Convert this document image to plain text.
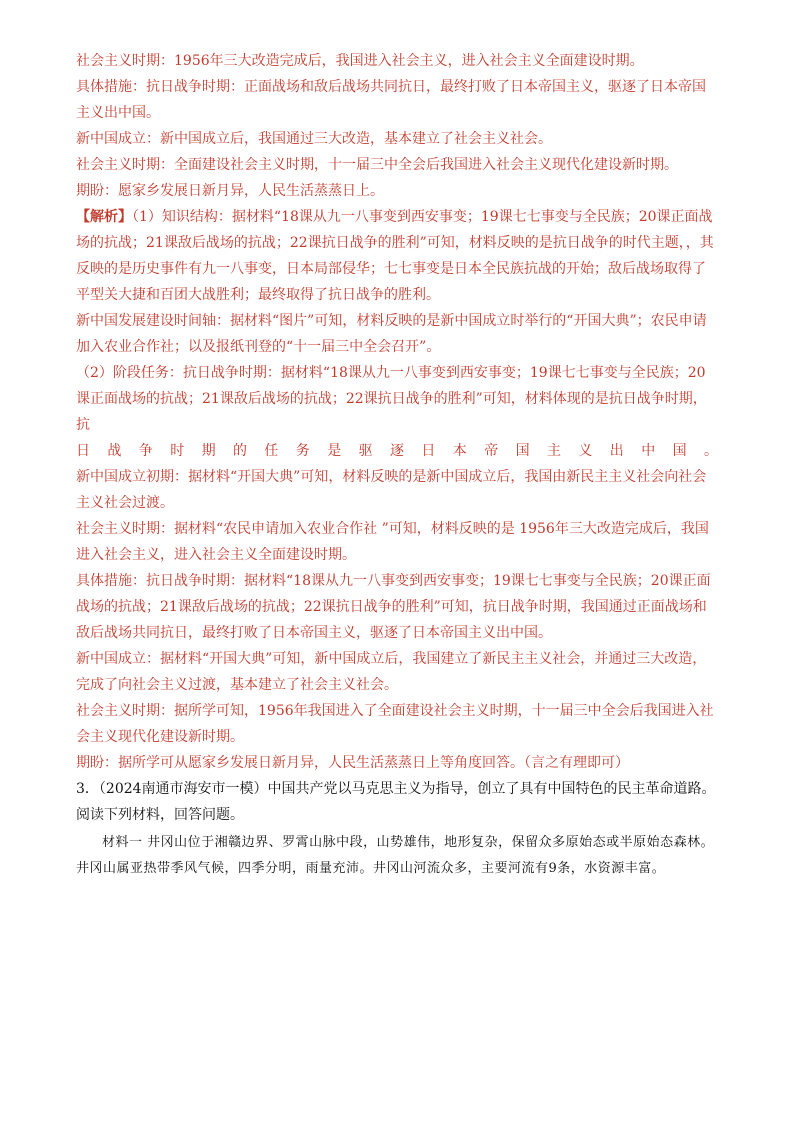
社会主义时期：1956年三大改造完成后，我国进入社会主义，进入社会主义全面建设时期。

具体措施：抗日战争时期：正面战场和敌后战场共同抗日，最终打败了日本帝国主义，驱逐了日本帝国主义出中国。

新中国成立：新中国成立后，我国通过三大改造，基本建立了社会主义社会。

社会主义时期：全面建设社会主义时期，十一届三中全会后我国进入社会主义现代化建设新时期。

期盼：愿家乡发展日新月异，人民生活蒸蒸日上。

【解析】（1）知识结构：据材料“18课从九一八事变到西安事变；19课七七事变与全民族；20课正面战场的抗战；21课敌后战场的抗战；22课抗日战争的胜利”可知，材料反映的是抗日战争的时代主题，，其反映的是历史事件有九一八事变，日本局部侵华；七七事变是日本全民族抗战的开始；敌后战场取得了平型关大捷和百团大战胜利；最终取得了抗日战争的胜利。

新中国发展建设时间轴：据材料“图片”可知，材料反映的是新中国成立时举行的“开国大典”；农民申请加入农业合作社；以及报纸刊登的“十一届三中全会召开”。

（2）阶段任务：抗日战争时期：据材料“18课从九一八事变到西安事变；19课七七事变与全民族；20课正面战场的抗战；21课敌后战场的抗战；22课抗日战争的胜利”可知，材料体现的是抗日战争时期，抗

日战争时期的任务是驱逐日本帝国主义出中国。

新中国成立初期：据材料“开国大典”可知，材料反映的是新中国成立后，我国由新民主主义社会向社会主义社会过渡。

社会主义时期：据材料“农民申请加入农业合作社 ”可知，材料反映的是 1956年三大改造完成后，我国进入社会主义，进入社会主义全面建设时期。

具体措施：抗日战争时期：据材料“18课从九一八事变到西安事变；19课七七事变与全民族；20课正面战场的抗战；21课敌后战场的抗战；22课抗日战争的胜利”可知，抗日战争时期，我国通过正面战场和敌后战场共同抗日，最终打败了日本帝国主义，驱逐了日本帝国主义出中国。

新中国成立：据材料“开国大典”可知，新中国成立后，我国建立了新民主主义社会，并通过三大改造，完成了向社会主义过渡，基本建立了社会主义社会。

社会主义时期：据所学可知，1956年我国进入了全面建设社会主义时期，十一届三中全会后我国进入社会主义现代化建设新时期。

期盼：据所学可从愿家乡发展日新月异，人民生活蒸蒸日上等角度回答。（言之有理即可）

3．（2024南通市海安市一模）中国共产党以马克思主义为指导，创立了具有中国特色的民主革命道路。阅读下列材料，回答问题。

材料一 井冈山位于湘赣边界、罗霄山脉中段，山势雄伟，地形复杂，保留众多原始态或半原始态森林。井冈山属亚热带季风气候，四季分明，雨量充沛。井冈山河流众多，主要河流有9条，水资源丰富。
